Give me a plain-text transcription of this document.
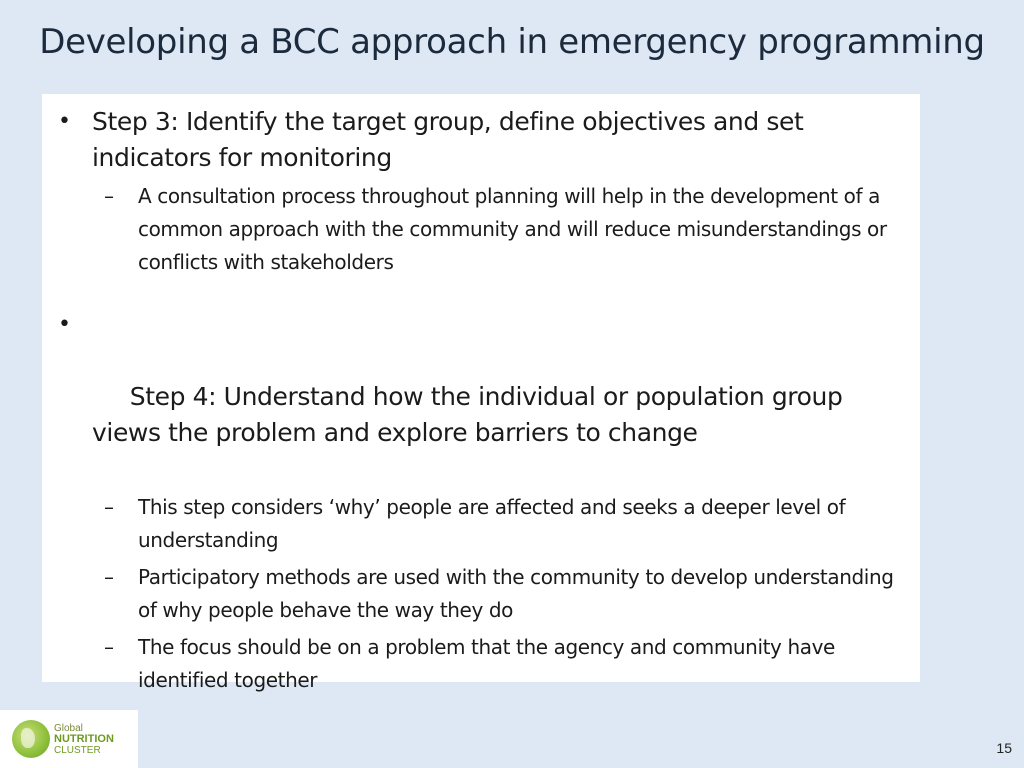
Developing a BCC approach in emergency programming
• Step 3: Identify the target group, define objectives and set indicators for monitoring
– A consultation process throughout planning will help in the development of a common approach with the community and will reduce misunderstandings or conflicts with stakeholders

•

Step 4: Understand how the individual or population group views the problem and explore barriers to change

– This step considers ‘why’ people are affected and seeks a deeper level of understanding
– Participatory methods are used with the community to develop understanding of why people behave the way they do
– The focus should be on a problem that the agency and community have identified together
Global
NUTRITION
CLUSTER	15
